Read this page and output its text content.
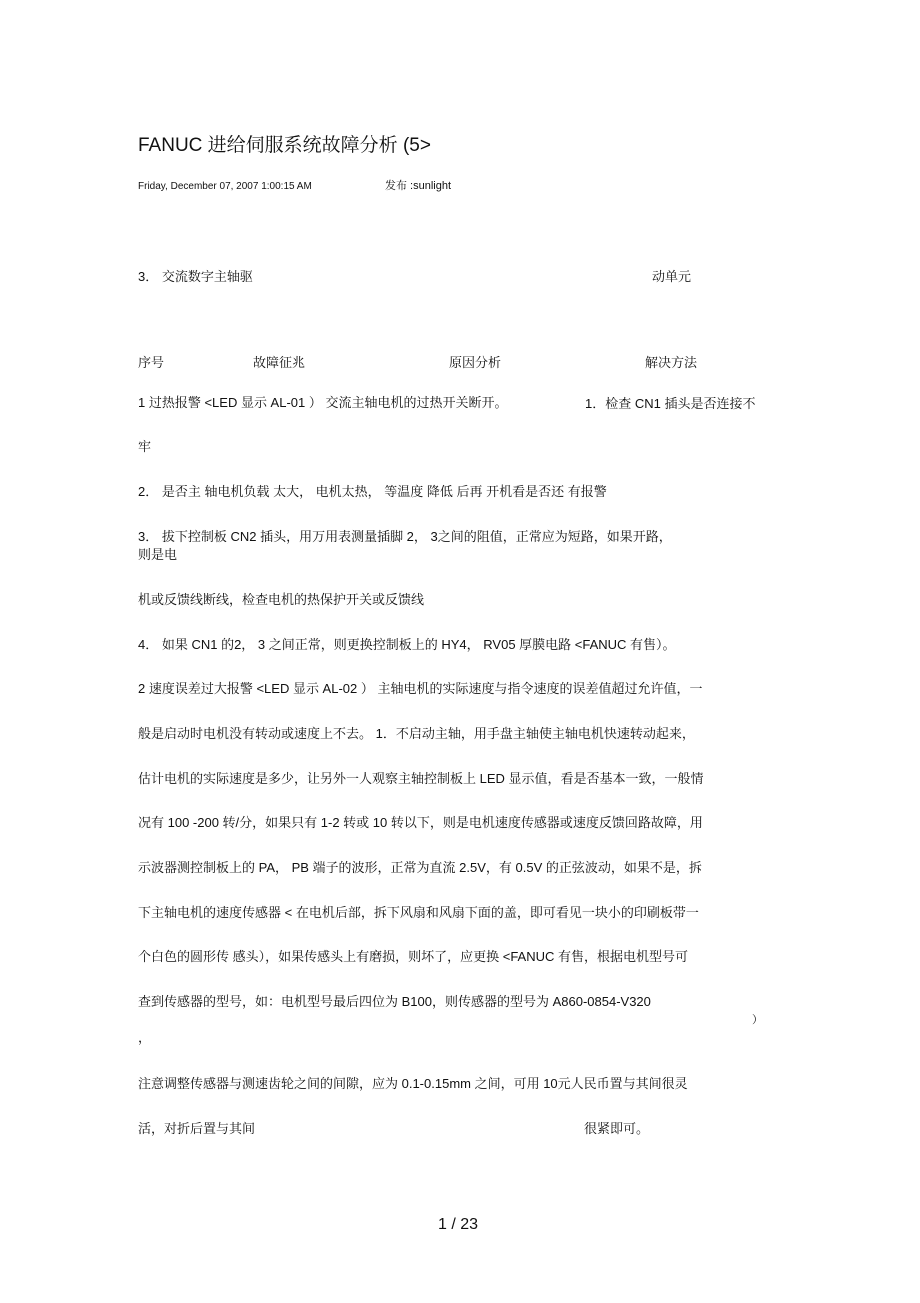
FANUC 进给伺服系统故障分析 (5>
Friday, December 07, 2007 1:00:15 AM	发布 :sunlight
3． 交流数字主轴驱	动单元
序号	故障征兆	原因分析	解决方法
1 过热报警 <LED 显示 AL-01 ） 交流主轴电机的过热开关断开。	1．检查 CN1 插头是否连接不
牢
2． 是否主 轴电机负载 太大， 电机太热， 等温度 降低 后再 开机看是否还 有报警
3． 拔下控制板 CN2 插头，用万用表测量插脚 2， 3之间的阻值，正常应为短路，如果开路，
则是电
机或反馈线断线，检查电机的热保护开关或反馈线
4． 如果 CN1 的2， 3 之间正常，则更换控制板上的 HY4， RV05 厚膜电路 <FANUC 有售）。
2 速度误差过大报警 <LED 显示 AL-02 ） 主轴电机的实际速度与指令速度的误差值超过允许值，一
般是启动时电机没有转动或速度上不去。 1．不启动主轴，用手盘主轴使主轴电机快速转动起来，
估计电机的实际速度是多少，让另外一人观察主轴控制板上 LED 显示值，看是否基本一致，一般情
况有 100 -200 转/分，如果只有 1-2 转或 10 转以下，则是电机速度传感器或速度反馈回路故障，用
示波器测控制板上的 PA， PB 端子的波形，正常为直流 2.5V，有 0.5V 的正弦波动，如果不是，拆
下主轴电机的速度传感器 < 在电机后部，拆下风扇和风扇下面的盖，即可看见一块小的印刷板带一
个白色的圆形传 感头），如果传感头上有磨损，则坏了，应更换 <FANUC 有售，根据电机型号可
查到传感器的型号，如：电机型号最后四位为 B100，则传感器的型号为 A860-0854-V320
）
，
注意调整传感器与测速齿轮之间的间隙，应为 0.1-0.15mm 之间，可用 10元人民币置与其间很灵
活，对折后置与其间	很紧即可。
1 / 23
